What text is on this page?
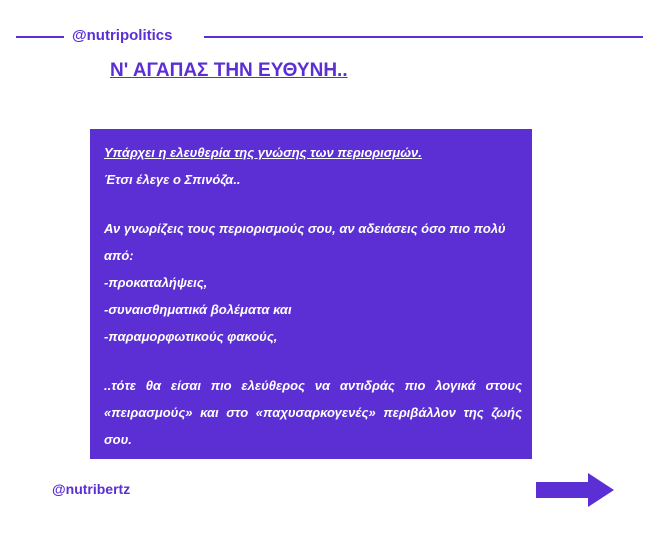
@nutripolitics
Ν' ΑΓΑΠΑΣ ΤΗΝ ΕΥΘΥΝΗ..

Υπάρχει η ελευθερία της γνώσης των περιορισμών.

Έτσι έλεγε ο Σπινόζα..

Αν γνωρίζεις τους περιορισμούς σου, αν αδειάσεις όσο πιο πολύ από:

-προκαταλήψεις,

-συναισθηματικά βολέματα και

-παραμορφωτικούς φακούς,

..τότε θα είσαι πιο ελεύθερος να αντιδράς πιο λογικά στους «πειρασμούς» και στο «παχυσαρκογενές» περιβάλλον της ζωής σου.

@nutribertz
